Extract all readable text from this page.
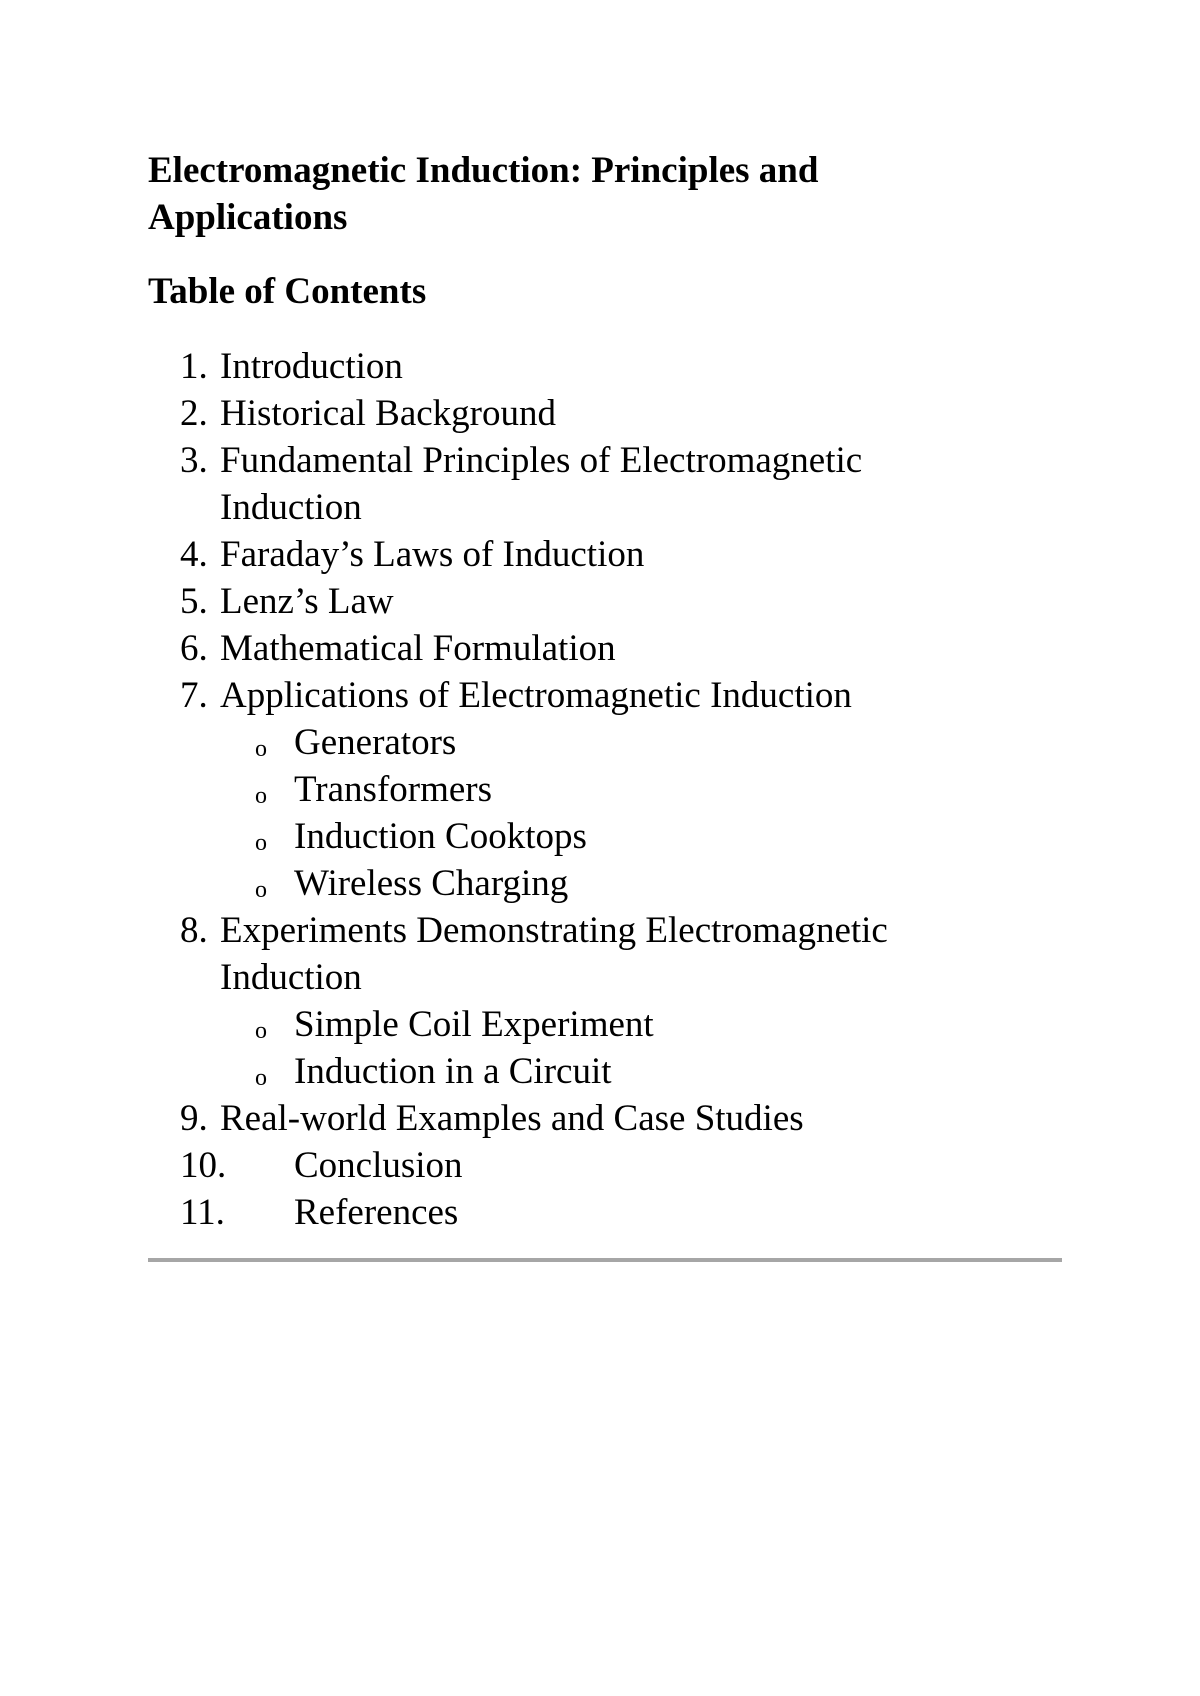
Electromagnetic Induction: Principles and Applications
Table of Contents
1. Introduction
2. Historical Background
3. Fundamental Principles of Electromagnetic Induction
4. Faraday’s Laws of Induction
5. Lenz’s Law
6. Mathematical Formulation
7. Applications of Electromagnetic Induction
o Generators
o Transformers
o Induction Cooktops
o Wireless Charging
8. Experiments Demonstrating Electromagnetic Induction
o Simple Coil Experiment
o Induction in a Circuit
9. Real-world Examples and Case Studies
10. Conclusion
11. References
